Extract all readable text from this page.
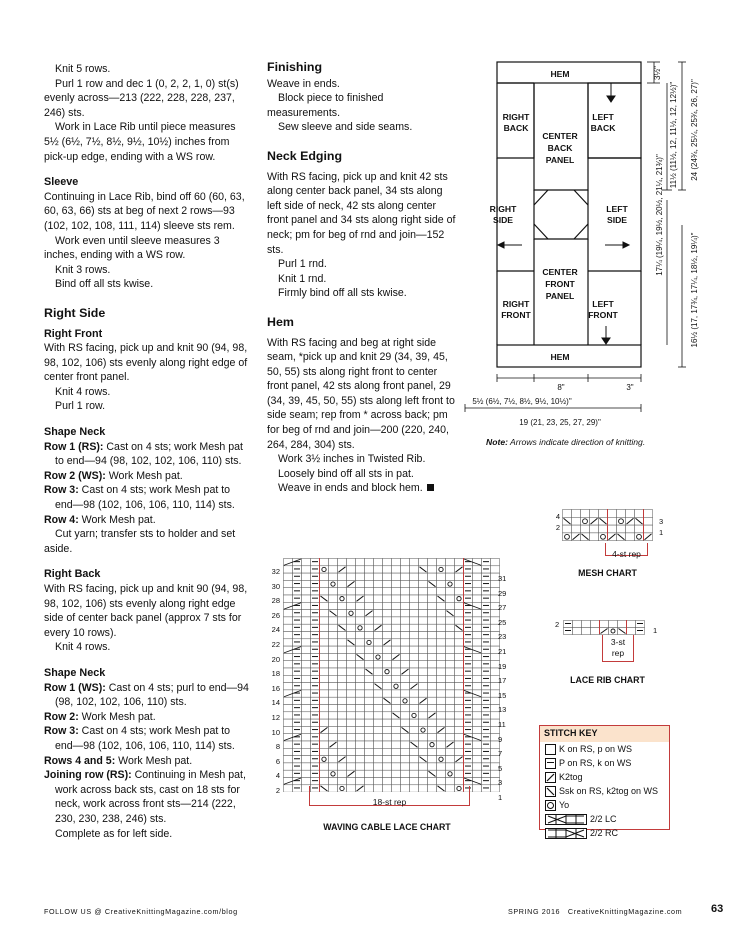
Knit 5 rows.

Purl 1 row and dec 1 (0, 2, 2, 1, 0) st(s) evenly across—213 (222, 228, 228, 237, 246) sts.

Work in Lace Rib until piece measures 5½ (6½, 7½, 8½, 9½, 10½) inches from pick-up edge, ending with a WS row.

Sleeve

Continuing in Lace Rib, bind off 60 (60, 63, 60, 63, 66) sts at beg of next 2 rows—93 (102, 102, 108, 111, 114) sleeve sts rem.

Work even until sleeve measures 3 inches, ending with a WS row.

Knit 3 rows.

Bind off all sts kwise.

Right Side

Right Front

With RS facing, pick up and knit 90 (94, 98, 98, 102, 106) sts evenly along right edge of center front panel.

Knit 4 rows.

Purl 1 row.

Shape Neck

Row 1 (RS): Cast on 4 sts; work Mesh pat to end—94 (98, 102, 102, 106, 110) sts.

Row 2 (WS): Work Mesh pat.

Row 3: Cast on 4 sts; work Mesh pat to end—98 (102, 106, 106, 110, 114) sts.

Row 4: Work Mesh pat.

Cut yarn; transfer sts to holder and set aside.

Right Back

With RS facing, pick up and knit 90 (94, 98, 98, 102, 106) sts evenly along right edge side of center back panel (approx 7 sts for every 10 rows).

Knit 4 rows.

Shape Neck

Row 1 (WS): Cast on 4 sts; purl to end—94 (98, 102, 102, 106, 110) sts.

Row 2: Work Mesh pat.

Row 3: Cast on 4 sts; work Mesh pat to end—98 (102, 106, 106, 110, 114) sts.

Rows 4 and 5: Work Mesh pat.

Joining row (RS): Continuing in Mesh pat, work across back sts, cast on 18 sts for neck, work across front sts—214 (222, 230, 230, 238, 246) sts.

Complete as for left side.

Finishing

Weave in ends.

Block piece to finished measurements.

Sew sleeve and side seams.

Neck Edging

With RS facing, pick up and knit 42 sts along center back panel, 34 sts along left side of neck, 42 sts along center front panel and 34 sts along right side of neck; pm for beg of rnd and join—152 sts.

Purl 1 rnd.

Knit 1 rnd.

Firmly bind off all sts kwise.

Hem

With RS facing and beg at right side seam, *pick up and knit 29 (34, 39, 45, 50, 55) sts along right front to center front panel, 42 sts along front panel, 29 (34, 39, 45, 50, 55) sts along left front to side seam; rep from * across back; pm for beg of rnd and join—200 (220, 240, 264, 284, 304) sts.

Work 3½ inches in Twisted Rib.

Loosely bind off all sts in pat.

Weave in ends and block hem.

HEM
HEM
RIGHT
BACK
LEFT
BACK
CENTER
BACK
PANEL
RIGHT
SIDE
LEFT
SIDE
CENTER
FRONT
PANEL
RIGHT
FRONT
LEFT
FRONT
3½"
11½ (11½, 12, 11½, 12, 12½)"
17¼ (19¼, 19½, 20½, 21¼, 21¾)"
24 (24¾, 25¼, 25¾, 26, 27)"
16½ (17, 17¾, 17¼, 18½, 19¼)"
8"	3"
5½ (6½, 7½, 8½, 9½, 10½)"
19 (21, 23, 25, 27, 29)"
Note: Arrows indicate direction of knitting.
32
30
28
26
24
22
20
18
16
14
12
10
8
6
4
2
31
29
27
25
23
21
19
17
15
13
11
9
7
5
3
1
$_{18-st rep}$
WAVING CABLE LACE CHART
4
2
3
1
4-st rep
MESH CHART
2
1
3-st
rep
LACE RIB CHART
STITCH KEY
K on RS, p on WS
P on RS, k on WS
K2tog
Ssk on RS, k2tog on WS
Yo
2/2 LC
2/2 RC
FOLLOW US @ CreativeKnittingMagazine.com/blog	SPRING 2016   CreativeKnittingMagazine.com	63
